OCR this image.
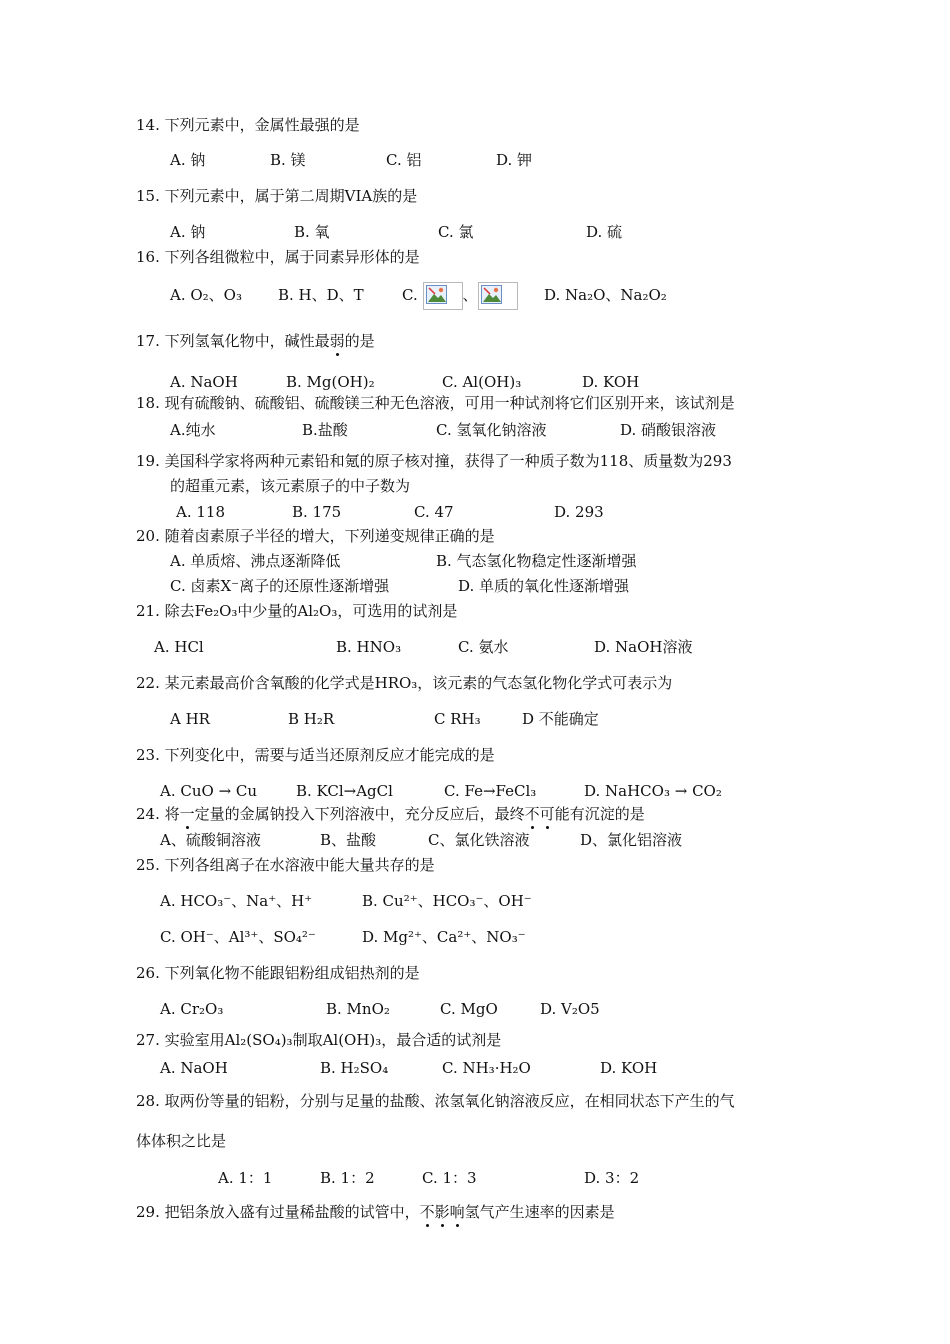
14. 下列元素中，金属性最强的是
A. 钠	B. 镁	C. 铝	D. 钾
15. 下列元素中，属于第二周期VIA族的是
A. 钠	B. 氧	C. 氯	D. 硫
16. 下列各组微粒中，属于同素异形体的是
A. O₂、O₃ B. H、D、T	C.	、	D. Na₂O、Na₂O₂
17. 下列氢氧化物中，碱性最弱的是
A. NaOH	B. Mg(OH)₂	C. Al(OH)₃	D. KOH
18. 现有硫酸钠、硫酸铝、硫酸镁三种无色溶液，可用一种试剂将它们区别开来，该试剂是
A.纯水	B.盐酸	C. 氢氧化钠溶液	D. 硝酸银溶液
19. 美国科学家将两种元素铅和氪的原子核对撞，获得了一种质子数为118、质量数为293
的超重元素，该元素原子的中子数为
A. 118	B. 175	C. 47	D. 293
20. 随着卤素原子半径的增大，下列递变规律正确的是
A. 单质熔、沸点逐渐降低	B. 气态氢化物稳定性逐渐增强
C. 卤素X⁻离子的还原性逐渐增强	D. 单质的氧化性逐渐增强
21. 除去Fe₂O₃中少量的Al₂O₃，可选用的试剂是
A. HCl	B. HNO₃	C. 氨水	D. NaOH溶液
22. 某元素最高价含氧酸的化学式是HRO₃，该元素的气态氢化物化学式可表示为
A HR	B H₂R	C RH₃	D 不能确定
23. 下列变化中，需要与适当还原剂反应才能完成的是
A. CuO → Cu	B. KCl→AgCl	C. Fe→FeCl₃	D. NaHCO₃ → CO₂
24. 将一定量的金属钠投入下列溶液中，充分反应后，最终不可能有沉淀的是
A、硫酸铜溶液	B、盐酸	C、氯化铁溶液	D、氯化铝溶液
25. 下列各组离子在水溶液中能大量共存的是
A. HCO₃⁻、Na⁺、H⁺	B. Cu²⁺、HCO₃⁻、OH⁻
C. OH⁻、Al³⁺、SO₄²⁻	D. Mg²⁺、Ca²⁺、NO₃⁻
26. 下列氧化物不能跟铝粉组成铝热剂的是
A. Cr₂O₃	B. MnO₂	C. MgO	D. V₂O5
27. 实验室用Al₂(SO₄)₃制取Al(OH)₃，最合适的试剂是
A. NaOH	B. H₂SO₄	C. NH₃·H₂O	D. KOH
28. 取两份等量的铝粉，分别与足量的盐酸、浓氢氧化钠溶液反应，在相同状态下产生的气
体体积之比是
A. 1：1	B. 1：2	C. 1：3	D. 3：2
29. 把铝条放入盛有过量稀盐酸的试管中，不影响氢气产生速率的因素是
